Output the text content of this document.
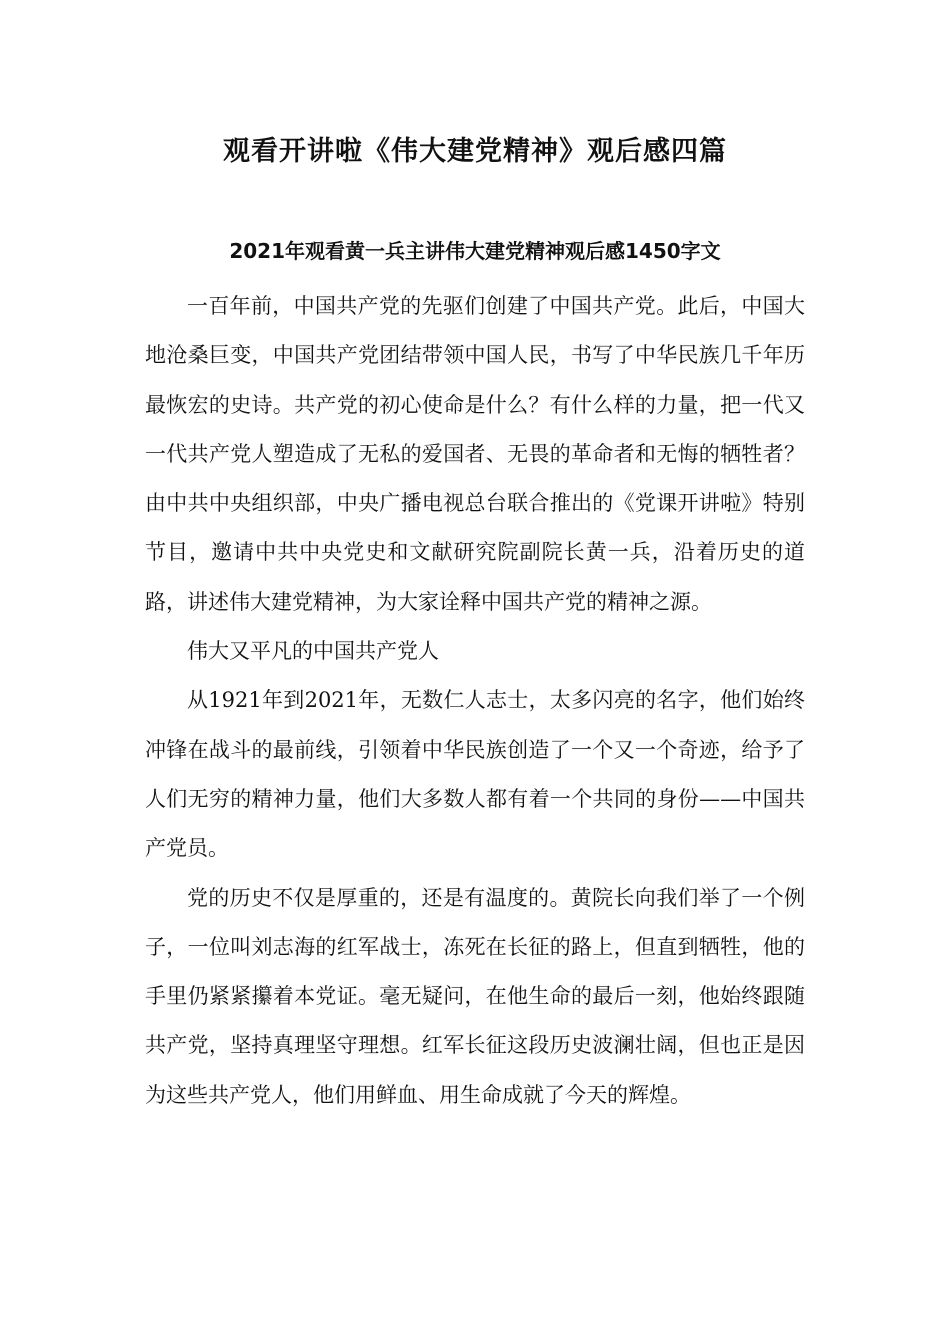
观看开讲啦《伟大建党精神》观后感四篇
2021年观看黄一兵主讲伟大建党精神观后感1450字文

一百年前，中国共产党的先驱们创建了中国共产党。此后，中国大地沧桑巨变，中国共产党团结带领中国人民，书写了中华民族几千年历最恢宏的史诗。共产党的初心使命是什么？有什么样的力量，把一代又一代共产党人塑造成了无私的爱国者、无畏的革命者和无悔的牺牲者？由中共中央组织部，中央广播电视总台联合推出的《党课开讲啦》特别节目，邀请中共中央党史和文献研究院副院长黄一兵，沿着历史的道路，讲述伟大建党精神，为大家诠释中国共产党的精神之源。

伟大又平凡的中国共产党人

从1921年到2021年，无数仁人志士，太多闪亮的名字，他们始终冲锋在战斗的最前线，引领着中华民族创造了一个又一个奇迹，给予了人们无穷的精神力量，他们大多数人都有着一个共同的身份——中国共产党员。

党的历史不仅是厚重的，还是有温度的。黄院长向我们举了一个例子，一位叫刘志海的红军战士，冻死在长征的路上，但直到牺牲，他的手里仍紧紧攥着本党证。毫无疑问，在他生命的最后一刻，他始终跟随共产党，坚持真理坚守理想。红军长征这段历史波澜壮阔，但也正是因为这些共产党人，他们用鲜血、用生命成就了今天的辉煌。
